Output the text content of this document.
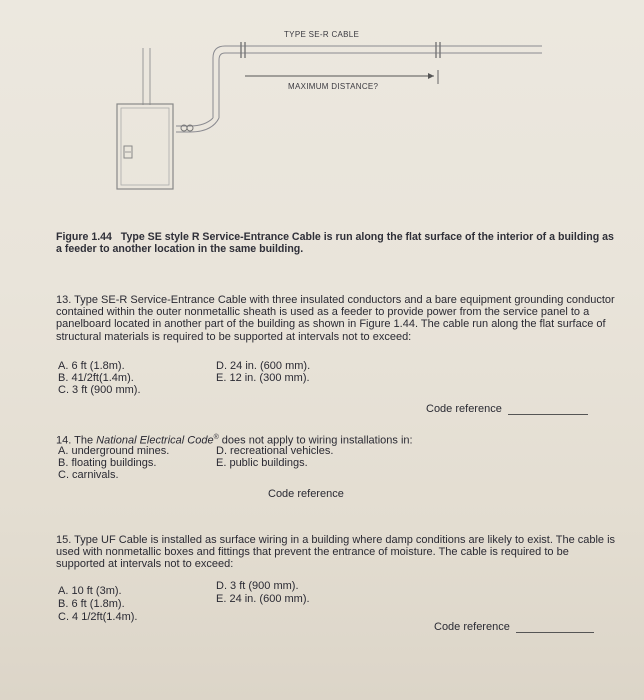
TYPE SE-R CABLE
MAXIMUM DISTANCE?
Figure 1.44 Type SE style R Service-Entrance Cable is run along the flat surface of the interior of a building as a feeder to another location in the same building.
13. Type SE-R Service-Entrance Cable with three insulated conductors and a bare equipment grounding conductor contained within the outer nonmetallic sheath is used as a feeder to provide power from the service panel to a panelboard located in another part of the building as shown in Figure 1.44. The cable run along the flat surface of structural materials is required to be supported at intervals not to exceed:
A. 6 ft (1.8m).
B. 41/2ft(1.4m).
C. 3 ft (900 mm).
D. 24 in. (600 mm).
E. 12 in. (300 mm).
Code reference
14. The National Electrical Code® does not apply to wiring installations in:
A. underground mines.
B. floating buildings.
C. carnivals.
D. recreational vehicles.
E. public buildings.
Code reference
15. Type UF Cable is installed as surface wiring in a building where damp conditions are likely to exist. The cable is used with nonmetallic boxes and fittings that prevent the entrance of moisture. The cable is required to be supported at intervals not to exceed:
A. 10 ft (3m).
B. 6 ft (1.8m).
C. 4 1/2ft(1.4m).
D. 3 ft (900 mm).
E. 24 in. (600 mm).
Code reference
